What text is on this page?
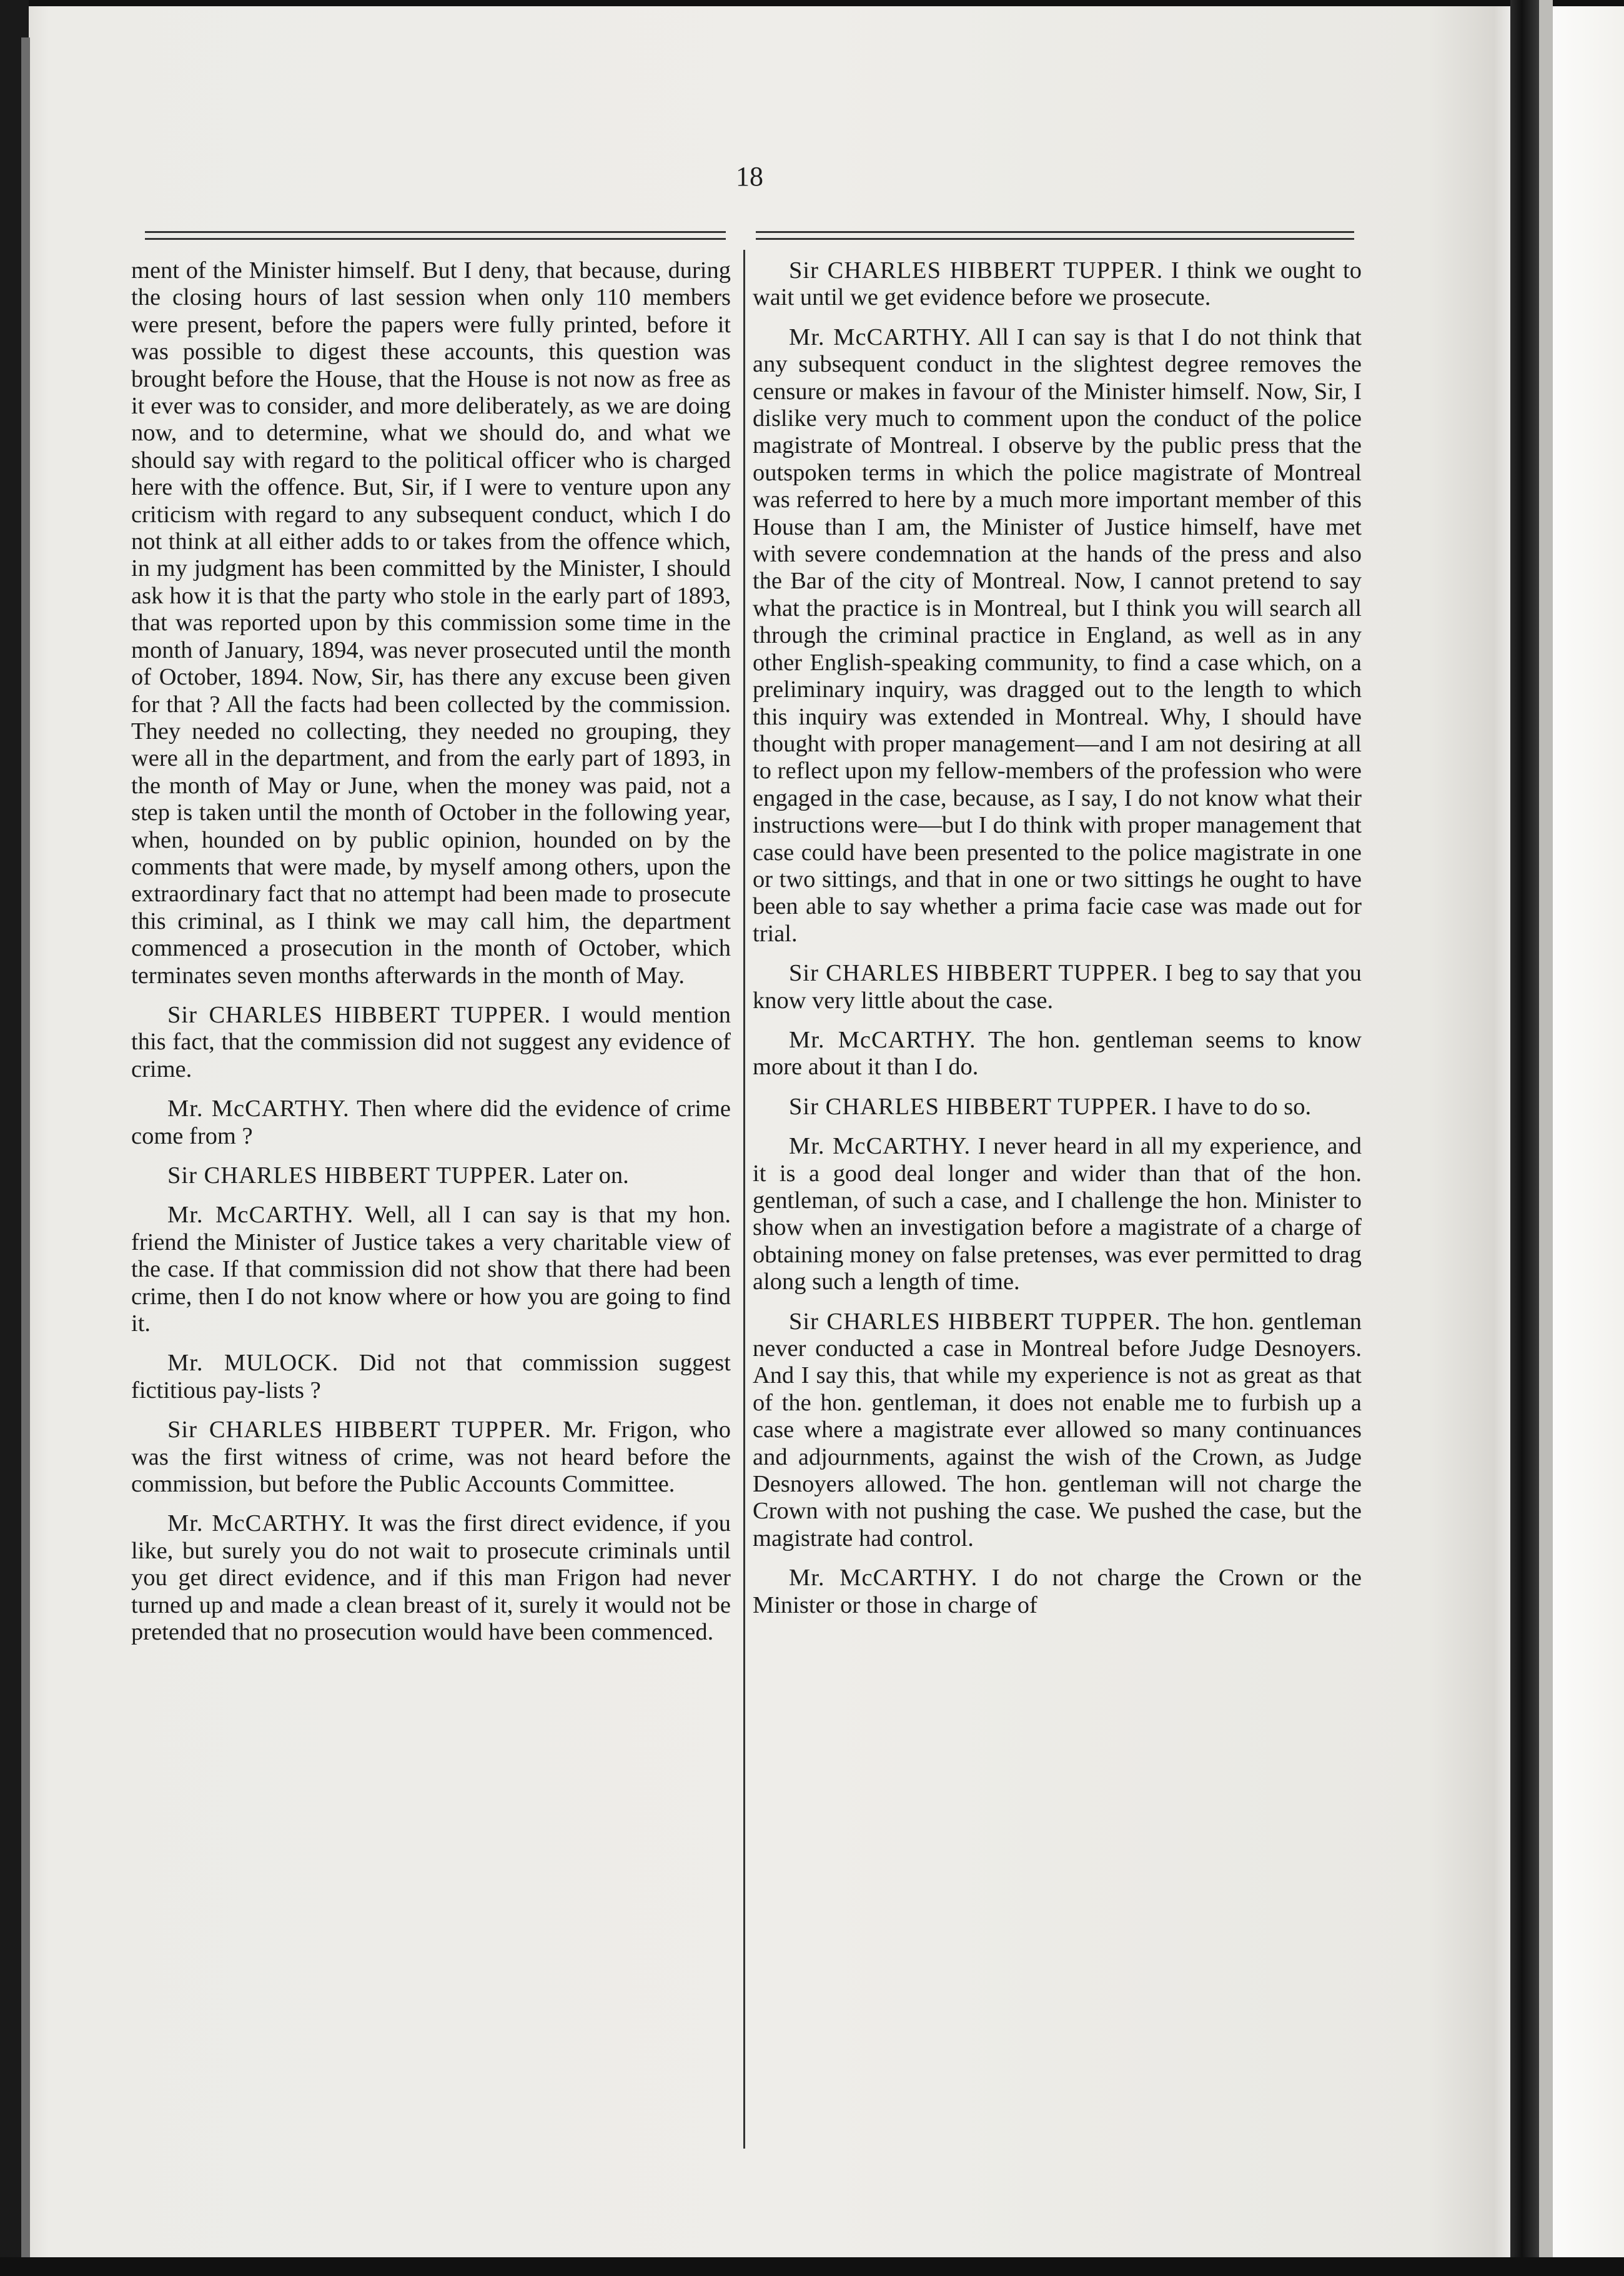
18

ment of the Minister himself. But I deny, that because, during the closing hours of last session when only 110 members were present, before the papers were fully printed, before it was possible to digest these accounts, this question was brought before the House, that the House is not now as free as it ever was to consider, and more deliberately, as we are doing now, and to determine, what we should do, and what we should say with regard to the political officer who is charged here with the offence. But, Sir, if I were to venture upon any criticism with regard to any subsequent conduct, which I do not think at all either adds to or takes from the offence which, in my judgment has been committed by the Minister, I should ask how it is that the party who stole in the early part of 1893, that was reported upon by this commission some time in the month of January, 1894, was never prosecuted until the month of October, 1894. Now, Sir, has there any excuse been given for that ? All the facts had been collected by the commission. They needed no collecting, they needed no grouping, they were all in the department, and from the early part of 1893, in the month of May or June, when the money was paid, not a step is taken until the month of October in the following year, when, hounded on by public opinion, hounded on by the comments that were made, by myself among others, upon the extraordinary fact that no attempt had been made to prosecute this criminal, as I think we may call him, the department commenced a prosecution in the month of October, which terminates seven months afterwards in the month of May.

Sir CHARLES HIBBERT TUPPER. I would mention this fact, that the commission did not suggest any evidence of crime.

Mr. McCARTHY. Then where did the evidence of crime come from ?

Sir CHARLES HIBBERT TUPPER. Later on.

Mr. McCARTHY. Well, all I can say is that my hon. friend the Minister of Justice takes a very charitable view of the case. If that commission did not show that there had been crime, then I do not know where or how you are going to find it.

Mr. MULOCK. Did not that commission suggest fictitious pay-lists ?

Sir CHARLES HIBBERT TUPPER. Mr. Frigon, who was the first witness of crime, was not heard before the commission, but before the Public Accounts Committee.

Mr. McCARTHY. It was the first direct evidence, if you like, but surely you do not wait to prosecute criminals until you get direct evidence, and if this man Frigon had never turned up and made a clean breast of it, surely it would not be pretended that no prosecution would have been commenced.

Sir CHARLES HIBBERT TUPPER. I think we ought to wait until we get evidence before we prosecute.

Mr. McCARTHY. All I can say is that I do not think that any subsequent conduct in the slightest degree removes the censure or makes in favour of the Minister himself. Now, Sir, I dislike very much to comment upon the conduct of the police magistrate of Montreal. I observe by the public press that the outspoken terms in which the police magistrate of Montreal was referred to here by a much more important member of this House than I am, the Minister of Justice himself, have met with severe condemnation at the hands of the press and also the Bar of the city of Montreal. Now, I cannot pretend to say what the practice is in Montreal, but I think you will search all through the criminal practice in England, as well as in any other English-speaking community, to find a case which, on a preliminary inquiry, was dragged out to the length to which this inquiry was extended in Montreal. Why, I should have thought with proper management—and I am not desiring at all to reflect upon my fellow-members of the profession who were engaged in the case, because, as I say, I do not know what their instructions were—but I do think with proper management that case could have been presented to the police magistrate in one or two sittings, and that in one or two sittings he ought to have been able to say whether a prima facie case was made out for trial.

Sir CHARLES HIBBERT TUPPER. I beg to say that you know very little about the case.

Mr. McCARTHY. The hon. gentleman seems to know more about it than I do.

Sir CHARLES HIBBERT TUPPER. I have to do so.

Mr. McCARTHY. I never heard in all my experience, and it is a good deal longer and wider than that of the hon. gentleman, of such a case, and I challenge the hon. Minister to show when an investigation before a magistrate of a charge of obtaining money on false pretenses, was ever permitted to drag along such a length of time.

Sir CHARLES HIBBERT TUPPER. The hon. gentleman never conducted a case in Montreal before Judge Desnoyers. And I say this, that while my experience is not as great as that of the hon. gentleman, it does not enable me to furbish up a case where a magistrate ever allowed so many continuances and adjournments, against the wish of the Crown, as Judge Desnoyers allowed. The hon. gentleman will not charge the Crown with not pushing the case. We pushed the case, but the magistrate had control.

Mr. McCARTHY. I do not charge the Crown or the Minister or those in charge of
